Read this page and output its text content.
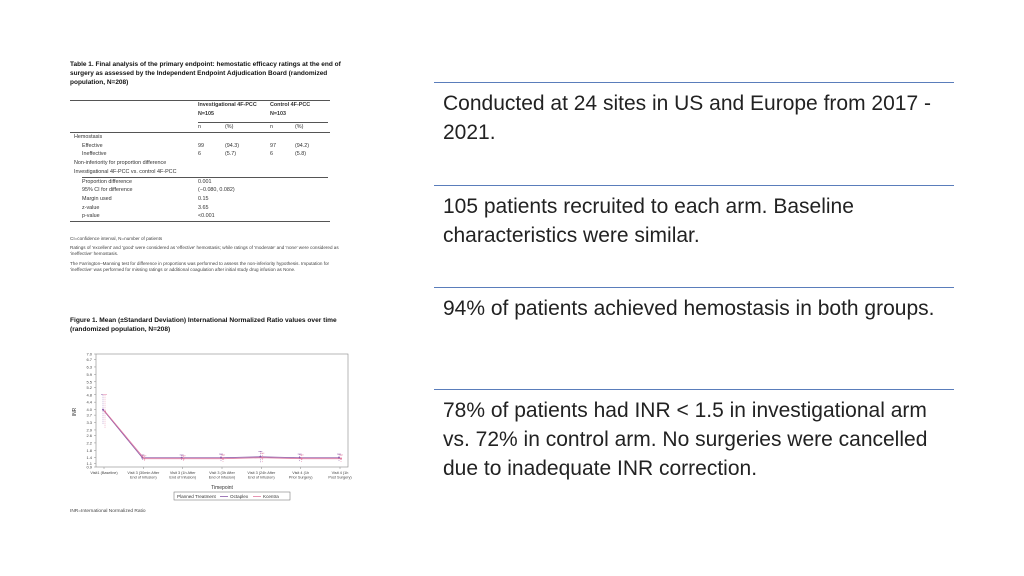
Table 1. Final analysis of the primary endpoint: hemostatic efficacy ratings at the end of surgery as assessed by the Independent Endpoint Adjudication Board (randomized population, N=208)
Investigational 4F-PCC Control 4F-PCC
N=105	N=103
n	(%)	n	(%)
Hemostasis
Effective	99	(94.3)	97	(94.2)
Ineffective	6	(5.7)	6	(5.8)
Non-inferiority for proportion difference
Investigational 4F-PCC vs. control 4F-PCC
Proportion difference	0.001
95% CI for difference	(−0.080, 0.082)
Margin used	0.15
z-value	3.65
p-value	<0.001
CI=confidence interval, N=number of patients
Ratings of 'excellent' and 'good' were considered as 'effective' hemostasis; while ratings of 'moderate' and 'none' were considered as 'ineffective' hemostasis.
The Farrington–Manning test for difference in proportions was performed to assess the non-inferiority hypothesis. Imputation for 'ineffective' was performed for missing ratings or additional coagulation after initial study drug infusion as None.
Figure 1. Mean (±Standard Deviation) International Normalized Ratio values over time (randomized population, N=208)
7.0
6.7
6.3
5.9
5.5
5.2
4.8
4.4
4.0
3.7
3.3
2.9
2.6
2.2
1.8
1.4
1.1
0.9
Visit1 (Baseline)	Visit 3 (30min After End of Infusion)
Visit 3 (1h After End of Infusion)
Visit 3 (3h After End of Infusion)
Visit 3 (24h After End of Infusion)
Visit 4 (1h Prior Surgery)
Visit 4 (1h Post Surgery)
INR
Timepoint
Planned Treatment	Octaplex	Kcentra
INR=International Normalized Ratio
Conducted at 24 sites in US and Europe from 2017 - 2021.
105 patients recruited to each arm. Baseline characteristics were similar.
94% of patients achieved hemostasis in both groups.
78% of patients had INR < 1.5 in investigational arm vs. 72% in control arm. No surgeries were cancelled due to inadequate INR correction.
